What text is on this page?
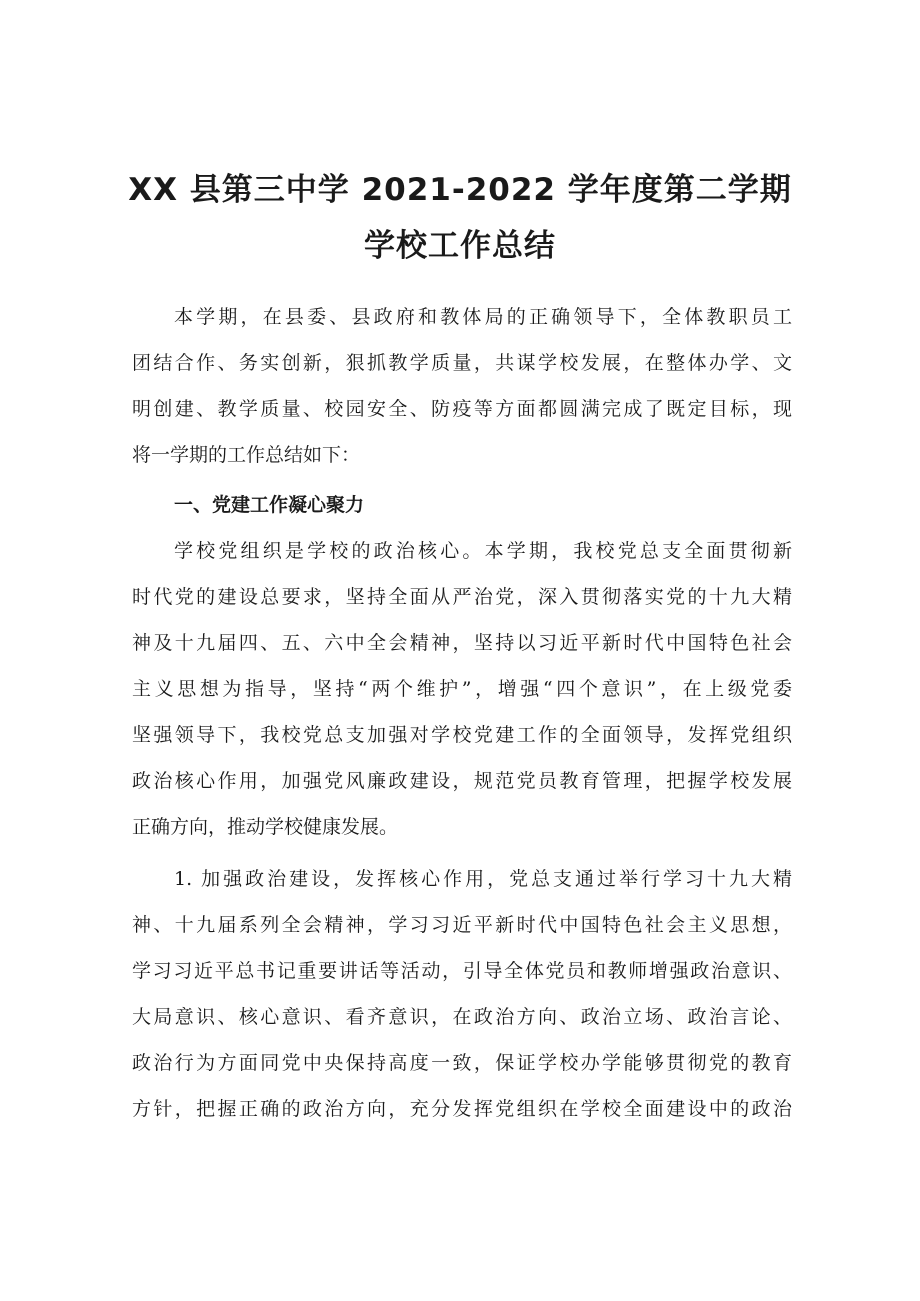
XX 县第三中学 2021-2022 学年度第二学期
学校工作总结
本学期，在县委、县政府和教体局的正确领导下，全体教职员工
团结合作、务实创新，狠抓教学质量，共谋学校发展，在整体办学、文
明创建、教学质量、校园安全、防疫等方面都圆满完成了既定目标，现
将一学期的工作总结如下：
一、党建工作凝心聚力
学校党组织是学校的政治核心。本学期，我校党总支全面贯彻新
时代党的建设总要求，坚持全面从严治党，深入贯彻落实党的十九大精
神及十九届四、五、六中全会精神，坚持以习近平新时代中国特色社会
主义思想为指导，坚持“两个维护”，增强“四个意识”，在上级党委
坚强领导下，我校党总支加强对学校党建工作的全面领导，发挥党组织
政治核心作用，加强党风廉政建设，规范党员教育管理，把握学校发展
正确方向，推动学校健康发展。
1. 加强政治建设，发挥核心作用，党总支通过举行学习十九大精
神、十九届系列全会精神，学习习近平新时代中国特色社会主义思想，
学习习近平总书记重要讲话等活动，引导全体党员和教师增强政治意识、
大局意识、核心意识、看齐意识，在政治方向、政治立场、政治言论、
政治行为方面同党中央保持高度一致，保证学校办学能够贯彻党的教育
方针，把握正确的政治方向，充分发挥党组织在学校全面建设中的政治
